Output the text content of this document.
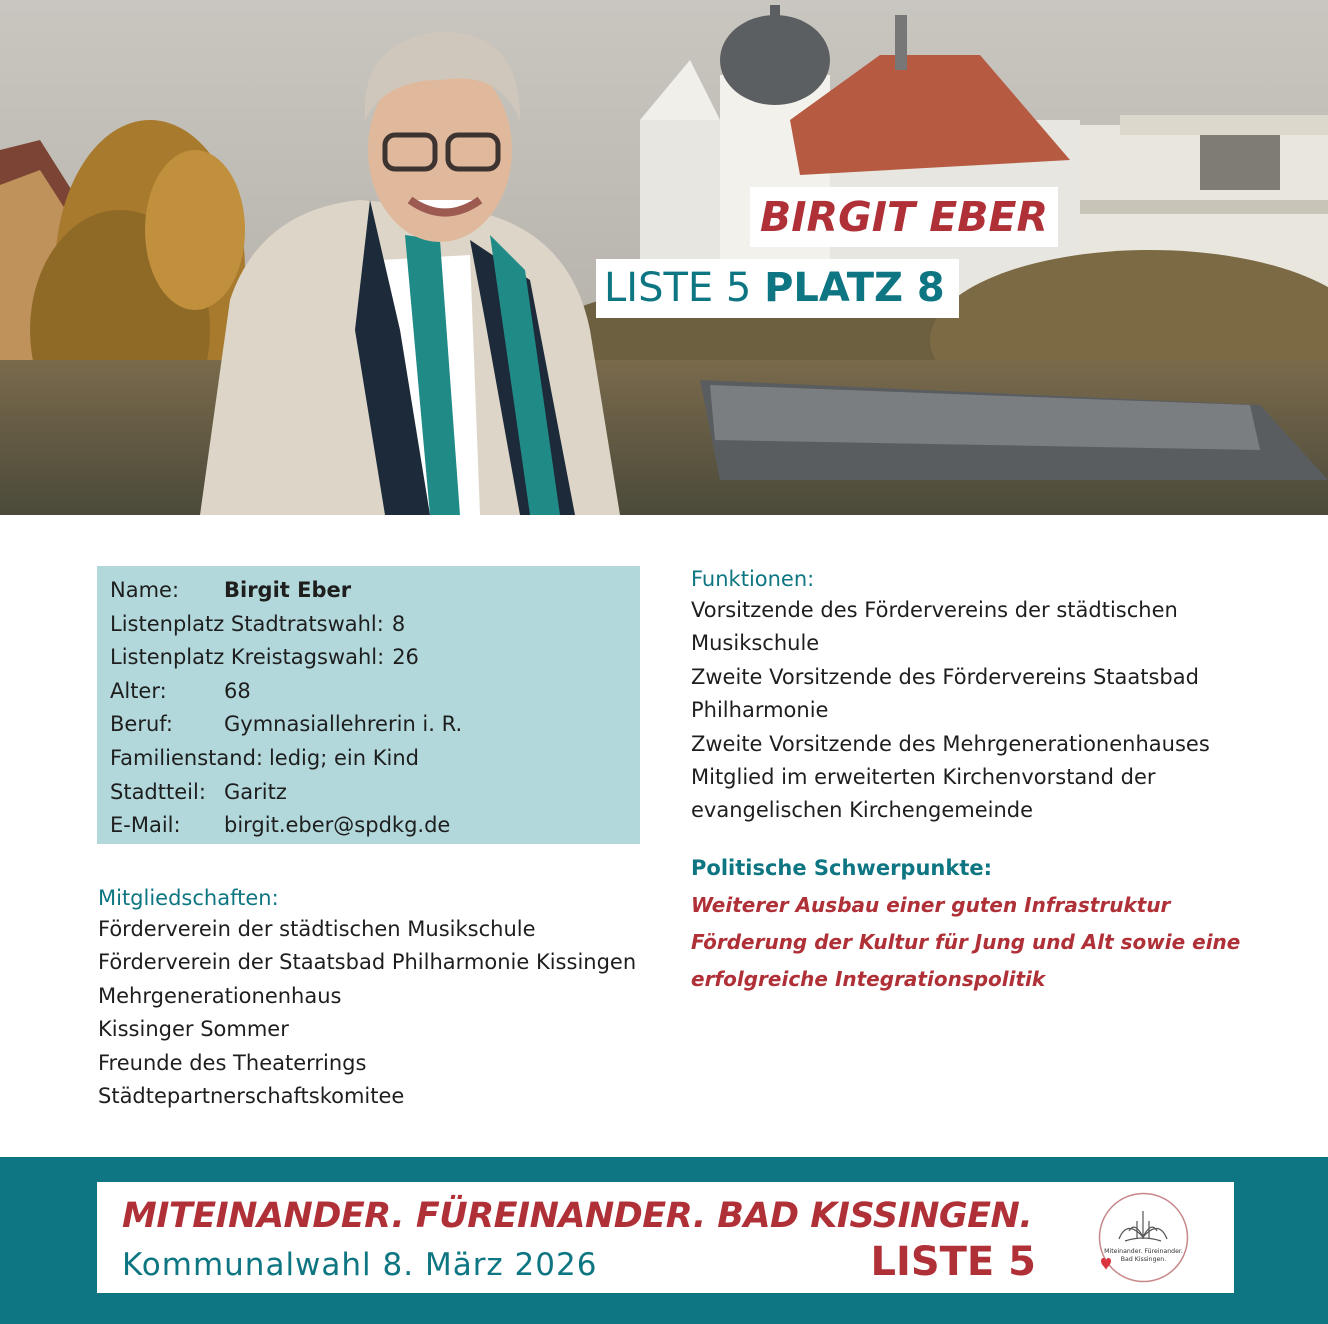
BIRGIT EBER
LISTE 5 PLATZ 8
Name: Birgit Eber
Listenplatz Stadtratswahl: 8
Listenplatz Kreistagswahl: 26
Alter:	68
Beruf: Gymnasiallehrerin i. R.
Familienstand: ledig; ein Kind
Stadtteil: Garitz
E-Mail: birgit.eber@spdkg.de
Mitgliedschaften:
Förderverein der städtischen Musikschule
Förderverein der Staatsbad Philharmonie Kissingen
Mehrgenerationenhaus
Kissinger Sommer
Freunde des Theaterrings
Städtepartnerschaftskomitee
Funktionen:
Vorsitzende des Fördervereins der städtischen
Musikschule
Zweite Vorsitzende des Fördervereins Staatsbad
Philharmonie
Zweite Vorsitzende des Mehrgenerationenhauses
Mitglied im erweiterten Kirchenvorstand der
evangelischen Kirchengemeinde
Politische Schwerpunkte:
Weiterer Ausbau einer guten Infrastruktur
Förderung der Kultur für Jung und Alt sowie eine erfolgreiche Integrationspolitik
MITEINANDER. FÜREINANDER. BAD KISSINGEN.
Kommunalwahl 8. März 2026	LISTE 5	Miteinander. Füreinander.
Bad Kissingen.
